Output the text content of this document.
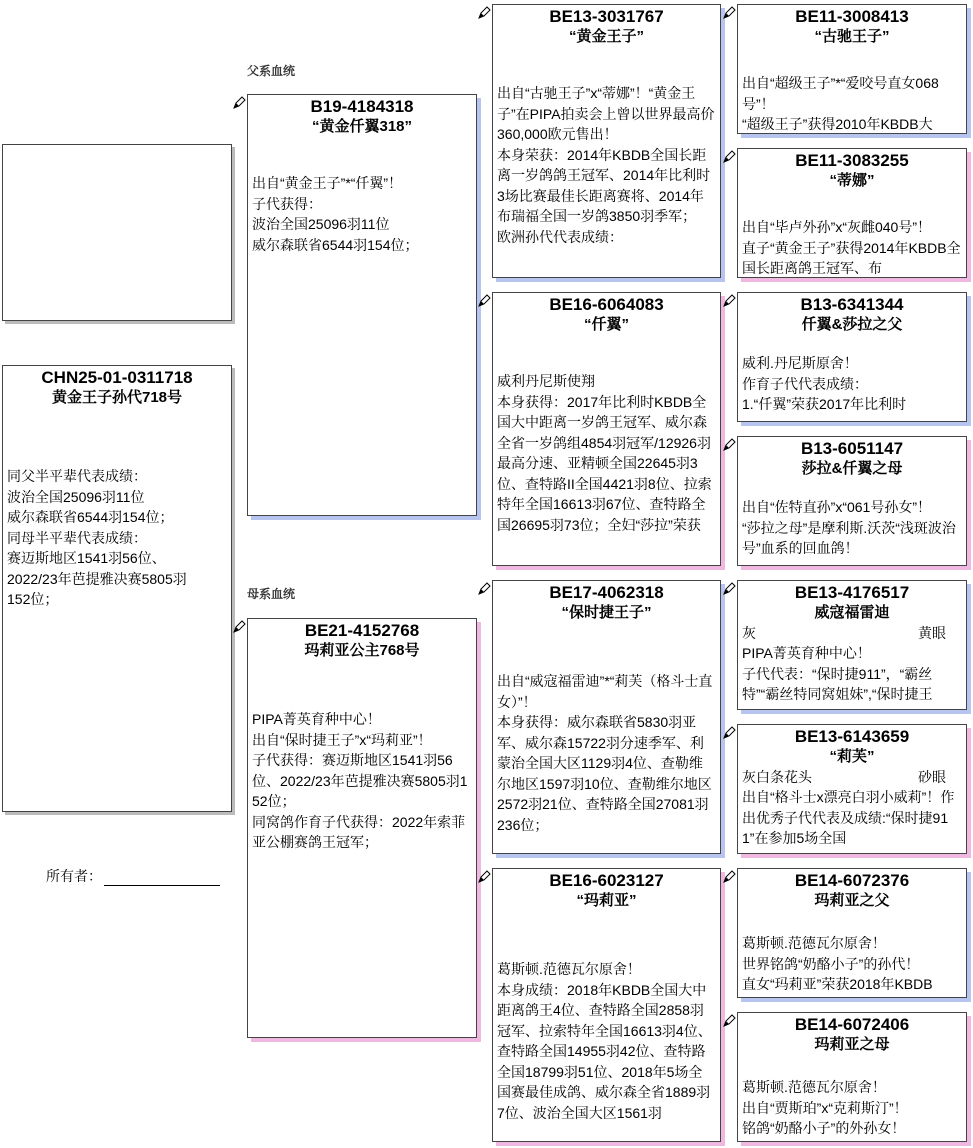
父系血统
母系血统
CHN25-01-0311718
黄金王子孙代718号
同父半平辈代表成绩：
波治全国25096羽11位
威尔森联省6544羽154位；
同母半平辈代表成绩：
赛迈斯地区1541羽56位、
2022/23年芭提雅决赛5805羽
152位；
所有者：
B19-4184318
“黄金仟翼318”
出自“黄金王子”*“仟翼”！
子代获得：
波治全国25096羽11位
威尔森联省6544羽154位；
BE21-4152768
玛莉亚公主768号
PIPA菁英育种中心！
出自“保时捷王子”x“玛莉亚”！
子代获得：赛迈斯地区1541羽56位、2022/23年芭提雅决赛5805羽152位；
同窝鸽作育子代获得：2022年索菲亚公棚赛鸽王冠军；
BE13-3031767
“黄金王子”
出自“古驰王子”x“蒂娜”！“黄金王子”在PIPA拍卖会上曾以世界最高价360,000欧元售出！
本身荣获：2014年KBDB全国长距离一岁鸽鸽王冠军、2014年比利时3场比赛最佳长距离赛将、2014年布瑞福全国一岁鸽3850羽季军；
欧洲孙代代表成绩：
BE16-6064083
“仟翼”
威利丹尼斯使翔
本身获得：2017年比利时KBDB全国大中距离一岁鸽王冠军、威尔森全省一岁鸽组4854羽冠军/12926羽最高分速、亚精顿全国22645羽3位、查特路II全国4421羽8位、拉索特年全国16613羽67位、查特路全国26695羽73位；全妇“莎拉”荣获
BE17-4062318
“保时捷王子”
出自“威寇福雷迪”*“莉芙（格斗士直女）”！
本身获得：威尔森联省5830羽亚军、威尔森15722羽分速季军、利蒙治全国大区1129羽4位、查勒维尔地区1597羽10位、查勒维尔地区2572羽21位、查特路全国27081羽236位；
BE16-6023127
“玛莉亚”
葛斯顿.范德瓦尔原舍！
本身成绩：2018年KBDB全国大中距离鸽王4位、查特路全国2858羽冠军、拉索特年全国16613羽4位、查特路全国14955羽42位、查特路全国18799羽51位、2018年5场全国赛最佳成鸽、威尔森全省1889羽7位、波治全国大区1561羽
BE11-3008413
“古驰王子”
出自“超级王子”*“爱咬号直女068号”！
“超级王子”获得2010年KBDB大
BE11-3083255
“蒂娜”
出自“毕卢外孙”x“灰雌040号”！
直子“黄金王子”获得2014年KBDB全国长距离鸽王冠军、布
B13-6341344
仟翼&莎拉之父
威利.丹尼斯原舍！
作育子代代表成绩：
1.“仟翼”荣获2017年比利时
B13-6051147
莎拉&仟翼之母
出自“佐特直孙”x“061号孙女”！
“莎拉之母”是摩利斯.沃茨“浅斑波治号”血系的回血鸽！
BE13-4176517
威寇福雷迪
灰	黄眼
PIPA菁英育种中心！
子代代表：“保时捷911”，“霸丝特”“霸丝特同窝姐妹”,“保时捷王
BE13-6143659
“莉芙”
灰白条花头	砂眼
出自“格斗士x漂亮白羽小威莉”！作出优秀子代代表及成绩:“保时捷911”在参加5场全国
BE14-6072376
玛莉亚之父
葛斯顿.范德瓦尔原舍！
世界铭鸽“奶酪小子”的孙代！
直女“玛莉亚”荣获2018年KBDB
BE14-6072406
玛莉亚之母
葛斯顿.范德瓦尔原舍！
出自“贾斯珀”x“克莉斯汀”！
铭鸽“奶酪小子”的外孙女！
